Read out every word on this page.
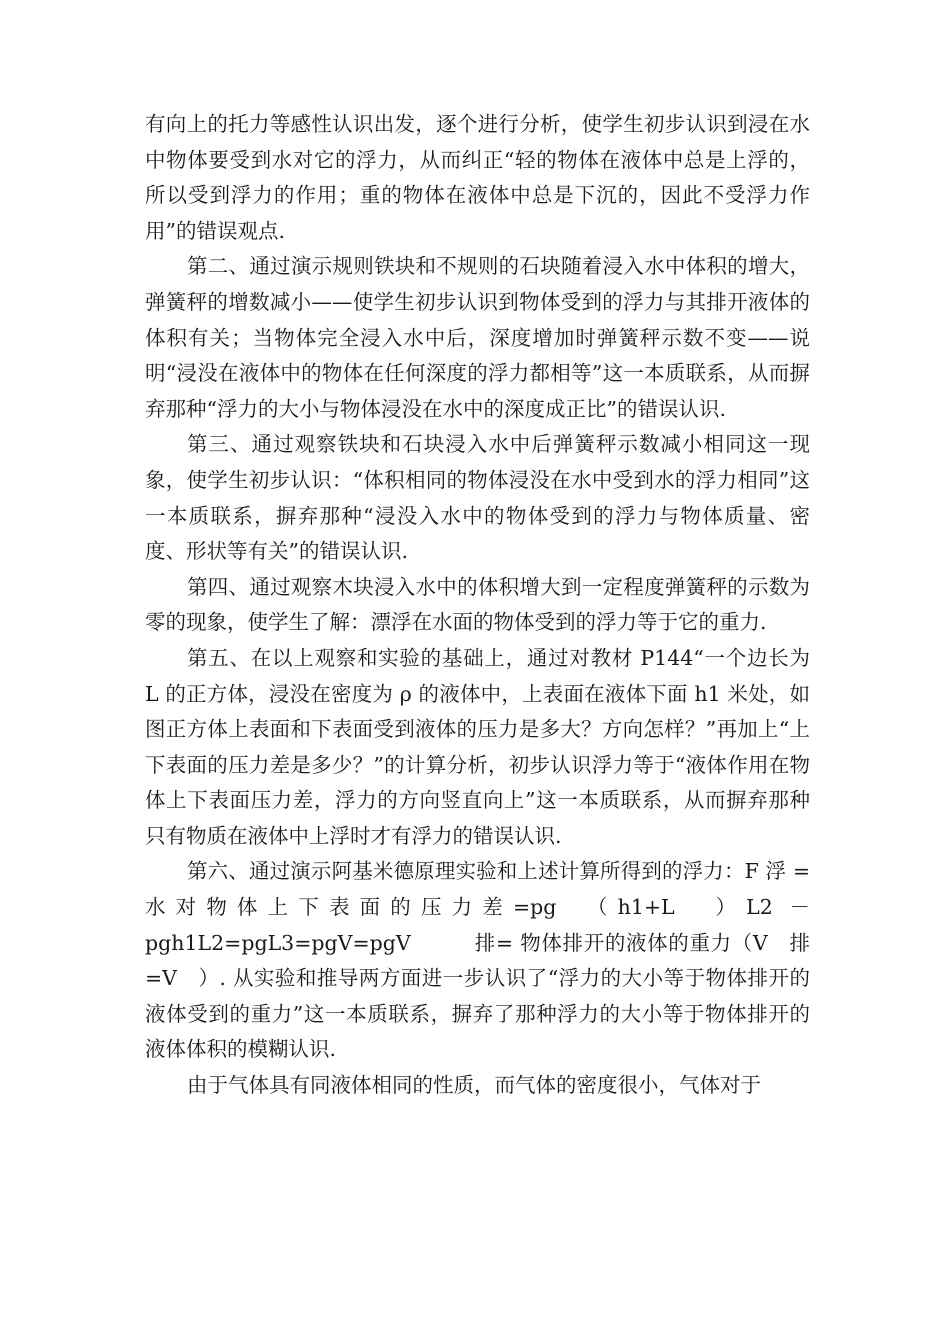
有向上的托力等感性认识出发，逐个进行分析，使学生初步认识到浸在水中物体要受到水对它的浮力，从而纠正“轻的物体在液体中总是上浮的，所以受到浮力的作用；重的物体在液体中总是下沉的，因此不受浮力作用”的错误观点.

第二、通过演示规则铁块和不规则的石块随着浸入水中体积的增大，弹簧秤的增数减小——使学生初步认识到物体受到的浮力与其排开液体的体积有关；当物体完全浸入水中后，深度增加时弹簧秤示数不变——说明“浸没在液体中的物体在任何深度的浮力都相等”这一本质联系，从而摒弃那种“浮力的大小与物体浸没在水中的深度成正比”的错误认识.

第三、通过观察铁块和石块浸入水中后弹簧秤示数减小相同这一现象，使学生初步认识：“体积相同的物体浸没在水中受到水的浮力相同”这一本质联系，摒弃那种“浸没入水中的物体受到的浮力与物体质量、密度、形状等有关”的错误认识.

第四、通过观察木块浸入水中的体积增大到一定程度弹簧秤的示数为零的现象，使学生了解：漂浮在水面的物体受到的浮力等于它的重力.

第五、在以上观察和实验的基础上，通过对教材 P144“一个边长为 L 的正方体，浸没在密度为 ρ 的液体中，上表面在液体下面 h1 米处，如图正方体上表面和下表面受到液体的压力是多大？方向怎样？”再加上“上下表面的压力差是多少？”的计算分析，初步认识浮力等于“液体作用在物体上下表面压力差，浮力的方向竖直向上”这一本质联系，从而摒弃那种只有物质在液体中上浮时才有浮力的错误认识.

第六、通过演示阿基米德原理实验和上述计算所得到的浮力：F 浮 = 水对物体上下表面的压力差=pg　（h1+L　）L2 －pgh1L2=pgL3=pgV=pgV　　　排= 物体排开的液体的重力（V　排=V　）. 从实验和推导两方面进一步认识了“浮力的大小等于物体排开的液体受到的重力”这一本质联系，摒弃了那种浮力的大小等于物体排开的液体体积的模糊认识.

由于气体具有同液体相同的性质，而气体的密度很小，气体对于
